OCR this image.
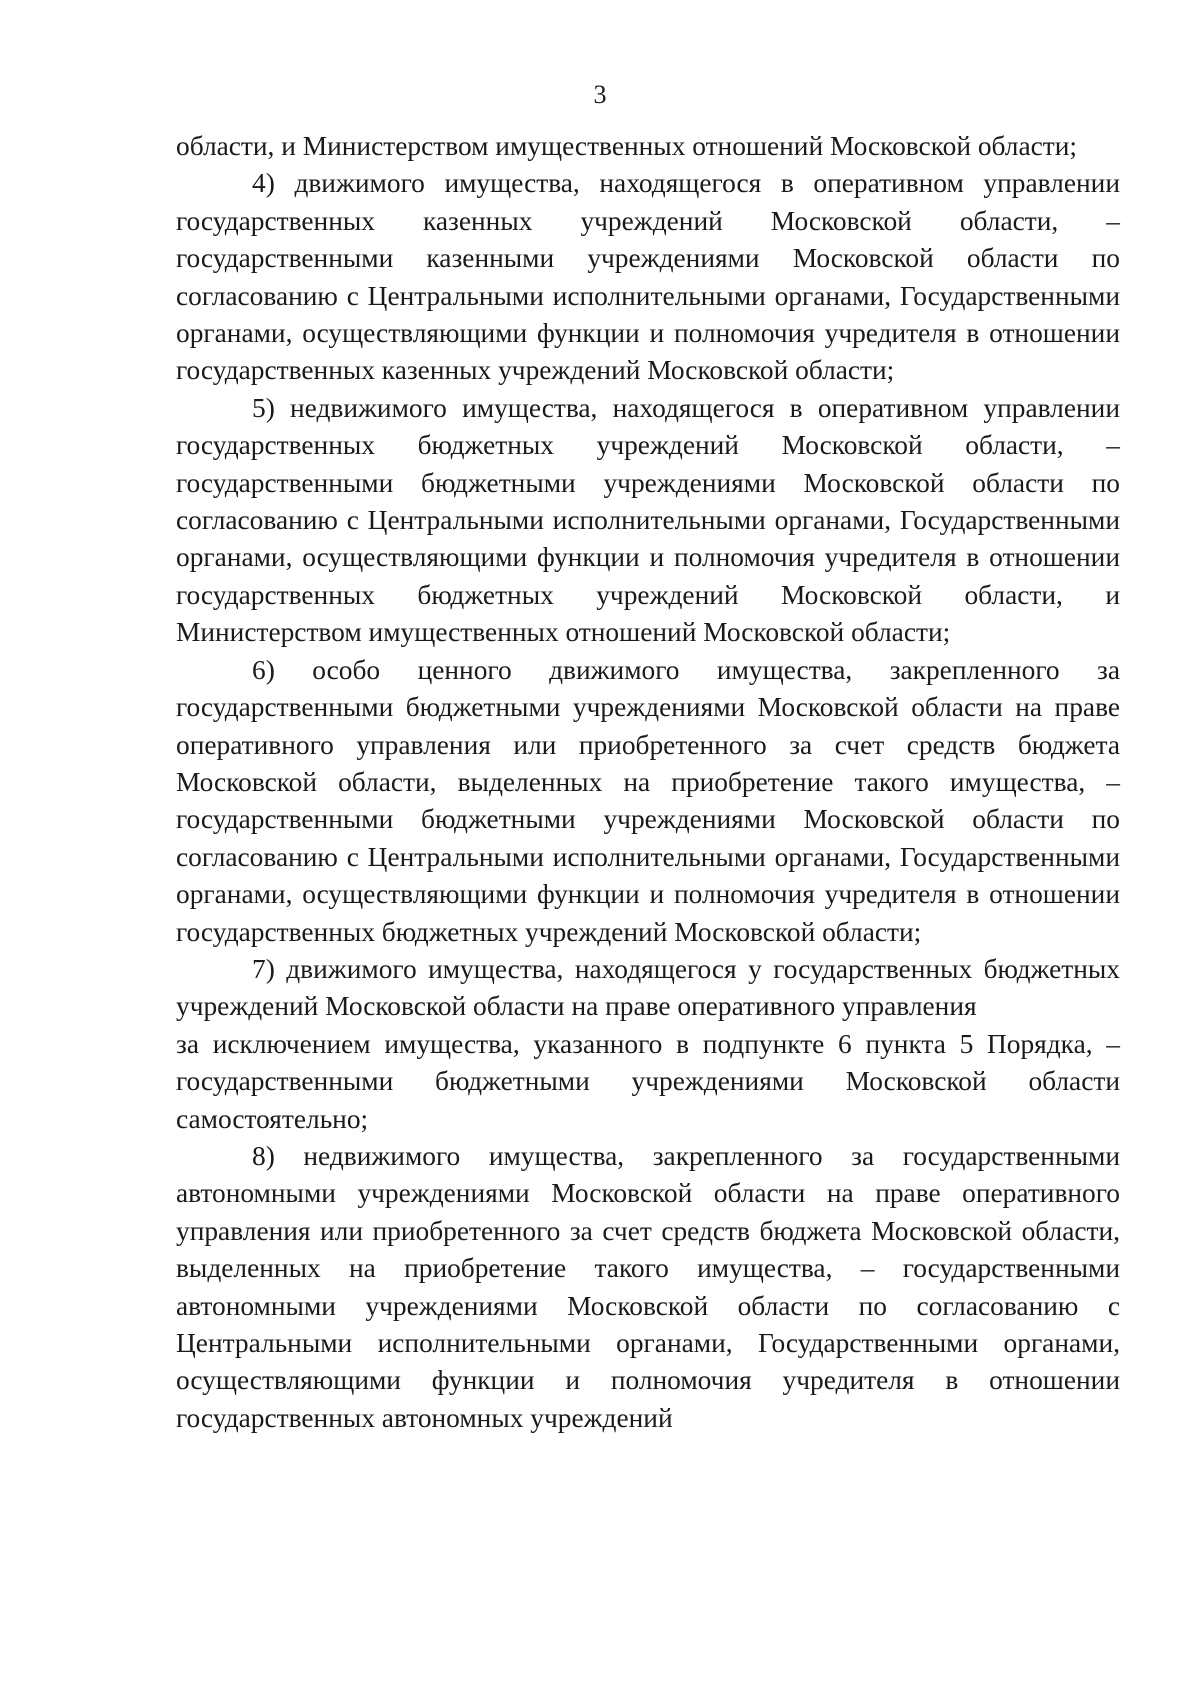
3

области, и Министерством имущественных отношений Московской области;

4) движимого имущества, находящегося в оперативном управлении государственных казенных учреждений Московской области, – государственными казенными учреждениями Московской области по согласованию с Центральными исполнительными органами, Государственными органами, осуществляющими функции и полномочия учредителя в отношении государственных казенных учреждений Московской области;

5) недвижимого имущества, находящегося в оперативном управлении государственных бюджетных учреждений Московской области, – государственными бюджетными учреждениями Московской области по согласованию с Центральными исполнительными органами, Государственными органами, осуществляющими функции и полномочия учредителя в отношении государственных бюджетных учреждений Московской области, и Министерством имущественных отношений Московской области;

6) особо ценного движимого имущества, закрепленного за государственными бюджетными учреждениями Московской области на праве оперативного управления или приобретенного за счет средств бюджета Московской области, выделенных на приобретение такого имущества, – государственными бюджетными учреждениями Московской области по согласованию с Центральными исполнительными органами, Государственными органами, осуществляющими функции и полномочия учредителя в отношении государственных бюджетных учреждений Московской области;

7) движимого имущества, находящегося у государственных бюджетных учреждений Московской области на праве оперативного управления

за исключением имущества, указанного в подпункте 6 пункта 5 Порядка, – государственными бюджетными учреждениями Московской области самостоятельно;

8) недвижимого имущества, закрепленного за государственными автономными учреждениями Московской области на праве оперативного управления или приобретенного за счет средств бюджета Московской области, выделенных на приобретение такого имущества, – государственными автономными учреждениями Московской области по согласованию с Центральными исполнительными органами, Государственными органами, осуществляющими функции и полномочия учредителя в отношении государственных автономных учреждений
